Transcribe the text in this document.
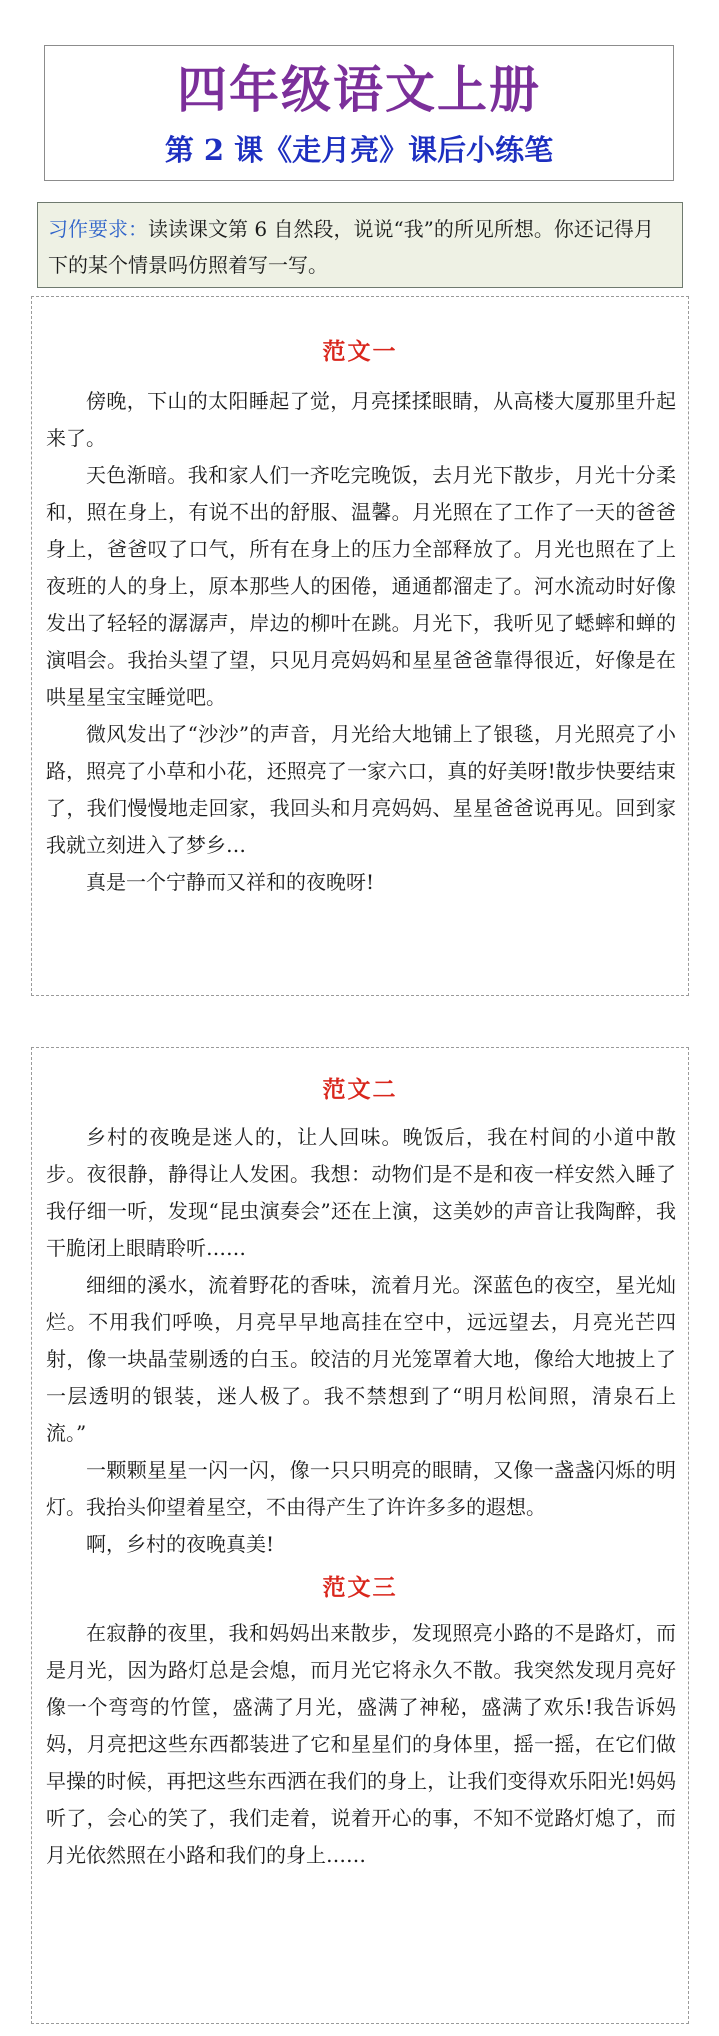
四年级语文上册
第 2 课《走月亮》课后小练笔
习作要求：读读课文第 6 自然段，说说“我”的所见所想。你还记得月下的某个情景吗仿照着写一写。
范文一

傍晚，下山的太阳睡起了觉，月亮揉揉眼睛，从高楼大厦那里升起来了。

天色渐暗。我和家人们一齐吃完晚饭，去月光下散步，月光十分柔和，照在身上，有说不出的舒服、温馨。月光照在了工作了一天的爸爸身上，爸爸叹了口气，所有在身上的压力全部释放了。月光也照在了上夜班的人的身上，原本那些人的困倦，通通都溜走了。河水流动时好像发出了轻轻的潺潺声，岸边的柳叶在跳。月光下，我听见了蟋蟀和蝉的演唱会。我抬头望了望，只见月亮妈妈和星星爸爸靠得很近，好像是在哄星星宝宝睡觉吧。

微风发出了“沙沙”的声音，月光给大地铺上了银毯，月光照亮了小路，照亮了小草和小花，还照亮了一家六口，真的好美呀!散步快要结束了，我们慢慢地走回家，我回头和月亮妈妈、星星爸爸说再见。回到家我就立刻进入了梦乡…

真是一个宁静而又祥和的夜晚呀!

范文二

乡村的夜晚是迷人的，让人回味。晚饭后，我在村间的小道中散步。夜很静，静得让人发困。我想：动物们是不是和夜一样安然入睡了我仔细一听，发现“昆虫演奏会”还在上演，这美妙的声音让我陶醉，我干脆闭上眼睛聆听……

细细的溪水，流着野花的香味，流着月光。深蓝色的夜空，星光灿烂。不用我们呼唤，月亮早早地高挂在空中，远远望去，月亮光芒四射，像一块晶莹剔透的白玉。皎洁的月光笼罩着大地，像给大地披上了一层透明的银装，迷人极了。我不禁想到了“明月松间照，清泉石上流。”

一颗颗星星一闪一闪，像一只只明亮的眼睛，又像一盏盏闪烁的明灯。我抬头仰望着星空，不由得产生了许许多多的遐想。

啊，乡村的夜晚真美!

范文三

在寂静的夜里，我和妈妈出来散步，发现照亮小路的不是路灯，而是月光，因为路灯总是会熄，而月光它将永久不散。我突然发现月亮好像一个弯弯的竹筐，盛满了月光，盛满了神秘，盛满了欢乐!我告诉妈妈，月亮把这些东西都装进了它和星星们的身体里，摇一摇，在它们做早操的时候，再把这些东西洒在我们的身上，让我们变得欢乐阳光!妈妈听了，会心的笑了，我们走着，说着开心的事，不知不觉路灯熄了，而月光依然照在小路和我们的身上……
